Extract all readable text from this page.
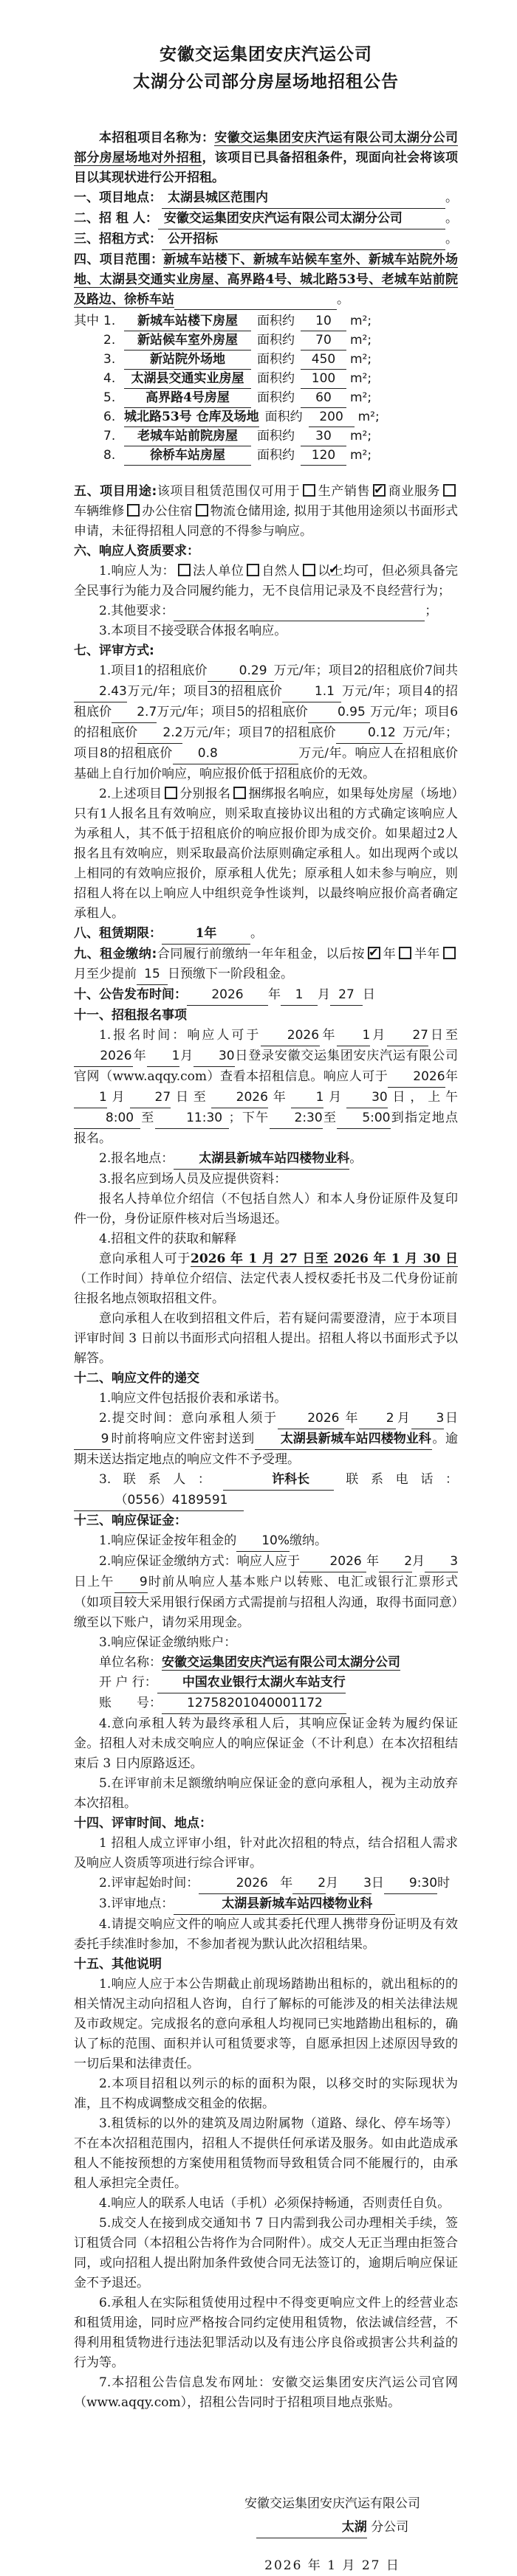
安徽交运集团安庆汽运公司
太湖分公司部分房屋场地招租公告

本招租项目名称为：安徽交运集团安庆汽运有限公司太湖分公司部分房屋场地对外招租，该项目已具备招租条件，现面向社会将该项目以其现状进行公开招租。

一、项目地点： 太湖县城区范围内	。

二、招 租 人： 安徽交运集团安庆汽运有限公司太湖分公司	。

三、招租方式： 公开招标	。

四、项目范围：新城车站楼下、新城车站候车室外、新城车站院外场地、太湖县交通实业房屋、高界路4号、城北路53号、老城车站前院及路边、徐桥车站	。

其中 1.	新城车站楼下房屋	面积约	10	m²;
2.	新站候车室外房屋	面积约	70	m²;
3.	新站院外场地	面积约	450	m²;
4.	太湖县交通实业房屋	面积约	100	m²;
5.	高界路4号房屋	面积约	60	m²;
6. 城北路53号 仓库及场地 面积约	200	m²;
7.	老城车站前院房屋	面积约	30	m²;
8.	徐桥车站房屋	面积约	120	m²;

五、项目用途:该项目租赁范围仅可用于 生产销售 ✔ 商业服务车辆维修 办公住宿 物流仓储用途, 拟用于其他用途须以书面形式申请，未征得招租人同意的不得参与响应。

六、响应人资质要求：

1.响应人为： 法人单位 自然人 ✔ 以上均可，但必须具备完全民事行为能力及合同履约能力，无不良信用记录及不良经营行为；

2.其他要求：	；

3.本项目不接受联合体报名响应。

七、评审方式:

1.项目1的招租底价	0.29 万元/年；项目2的招租底价7间共2.43万元/年；项目3的招租底价	1.1 万元/年；项目4的招租底价 2.7万元/年；项目5的招租底价 0.95 万元/年；项目6的招租底价 2.2万元/年；项目7的招租底价	0.12 万元/年；项目8的招租底价 0.8	万元/年。响应人在招租底价基础上自行加价响应，响应报价低于招租底价的无效。

2.上述项目 分别报名 捆绑报名响应，如果每处房屋（场地）只有1人报名且有效响应，则采取直接协议出租的方式确定该响应人为承租人，其不低于招租底价的响应报价即为成交价。如果超过2人报名且有效响应，则采取最高价法原则确定承租人。如出现两个或以上相同的有效响应报价，原承租人优先；原承租人如未参与响应，则招租人将在以上响应人中组织竞争性谈判，以最终响应报价高者确定承租人。

八、租赁期限：	1年	。

九、租金缴纳:合同履行前缴纳一年年租金，以后按 ✔ 年 半年月至少提前 15 日预缴下一阶段租金。

十、公告发布时间： 2026 年 1 月 27 日

十一、招租报名事项

1.报名时间：响应人可于 2026年 1月 27日至2026年 1月 30日登录安徽交运集团安庆汽运有限公司官网（www.aqqy.com）查看本招租信息。响应人可于 2026年1月 27日至 2026年 1月 30日，上午8:00 至	11:30 ；下午 2:30至 5:00到指定地点报名。

2.报名地点： 太湖县新城车站四楼物业科。

3.报名应到场人员及应提供资料：

报名人持单位介绍信（不包括自然人）和本人身份证原件及复印件一份，身份证原件核对后当场退还。

4.招租文件的获取和解释

意向承租人可于2026 年 1 月 27 日至 2026 年 1 月 30 日（工作时间）持单位介绍信、法定代表人授权委托书及二代身份证前往报名地点领取招租文件。

意向承租人在收到招租文件后，若有疑问需要澄清，应于本项目评审时间 3 日前以书面形式向招租人提出。招租人将以书面形式予以解答。

十二、响应文件的递交

1.响应文件包括报价表和承诺书。

2.提交时间：意向承租人须于 2026 年 2 月 3日9 时前将响应文件密封送到 太湖县新城车站四楼物业科。逾期未送达指定地点的响应文件不予受理。

3.联系人：	许科长 联系电话：（0556）4189591

十三、响应保证金：

1.响应保证金按年租金的 10%缴纳。

2.响应保证金缴纳方式：响应人应于 2026 年 2月 3日上午 9时前从响应人基本账户以转账、电汇或银行汇票形式（如项目较大采用银行保函方式需提前与招租人沟通，取得书面同意）缴至以下账户，请勿采用现金。

3.响应保证金缴纳账户：

单位名称：安徽交运集团安庆汽运有限公司太湖分公司

开 户 行： 中国农业银行太湖火车站支行

账　　号： 12758201040001172

4.意向承租人转为最终承租人后，其响应保证金转为履约保证金。招租人对未成交响应人的响应保证金（不计利息）在本次招租结束后 3 日内原路返还。

5.在评审前未足额缴纳响应保证金的意向承租人，视为主动放弃本次招租。

十四、评审时间、地点：

1 招租人成立评审小组，针对此次招租的特点，结合招租人需求及响应人资质等项进行综合评审。

2.评审起始时间：	2026 年 2月 3日 9:30时

3.评审地点：	太湖县新城车站四楼物业科

4.请提交响应文件的响应人或其委托代理人携带身份证明及有效委托手续准时参加，不参加者视为默认此次招租结果。

十五、其他说明

1.响应人应于本公告期截止前现场踏勘出租标的，就出租标的的相关情况主动向招租人咨询，自行了解标的可能涉及的相关法律法规及市政规定。完成报名的意向承租人均视同已实地踏勘出租标的，确认了标的范围、面积并认可租赁要求等，自愿承担因上述原因导致的一切后果和法律责任。

2.本项目招租以列示的标的面积为限，以移交时的实际现状为准，且不构成调整成交租金的依据。

3.租赁标的以外的建筑及周边附属物（道路、绿化、停车场等）不在本次招租范围内，招租人不提供任何承诺及服务。如由此造成承租人不能按预想的方案使用租赁物而导致租赁合同不能履行的，由承租人承担完全责任。

4.响应人的联系人电话（手机）必须保持畅通，否则责任自负。

5.成交人在接到成交通知书 7 日内需到我公司办理相关手续，签订租赁合同（本招租公告将作为合同附件）。成交人无正当理由拒签合同，或向招租人提出附加条件致使合同无法签订的，逾期后响应保证金不予退还。

6.承租人在实际租赁使用过程中不得变更响应文件上的经营业态和租赁用途，同时应严格按合同约定使用租赁物，依法诚信经营，不得利用租赁物进行违法犯罪活动以及有违公序良俗或损害公共利益的行为等。

7.本招租公告信息发布网址：安徽交运集团安庆汽运公司官网（www.aqqy.com），招租公告同时于招租项目地点张贴。

安徽交运集团安庆汽运有限公司
太湖 分公司
2026 年 1 月 27 日
